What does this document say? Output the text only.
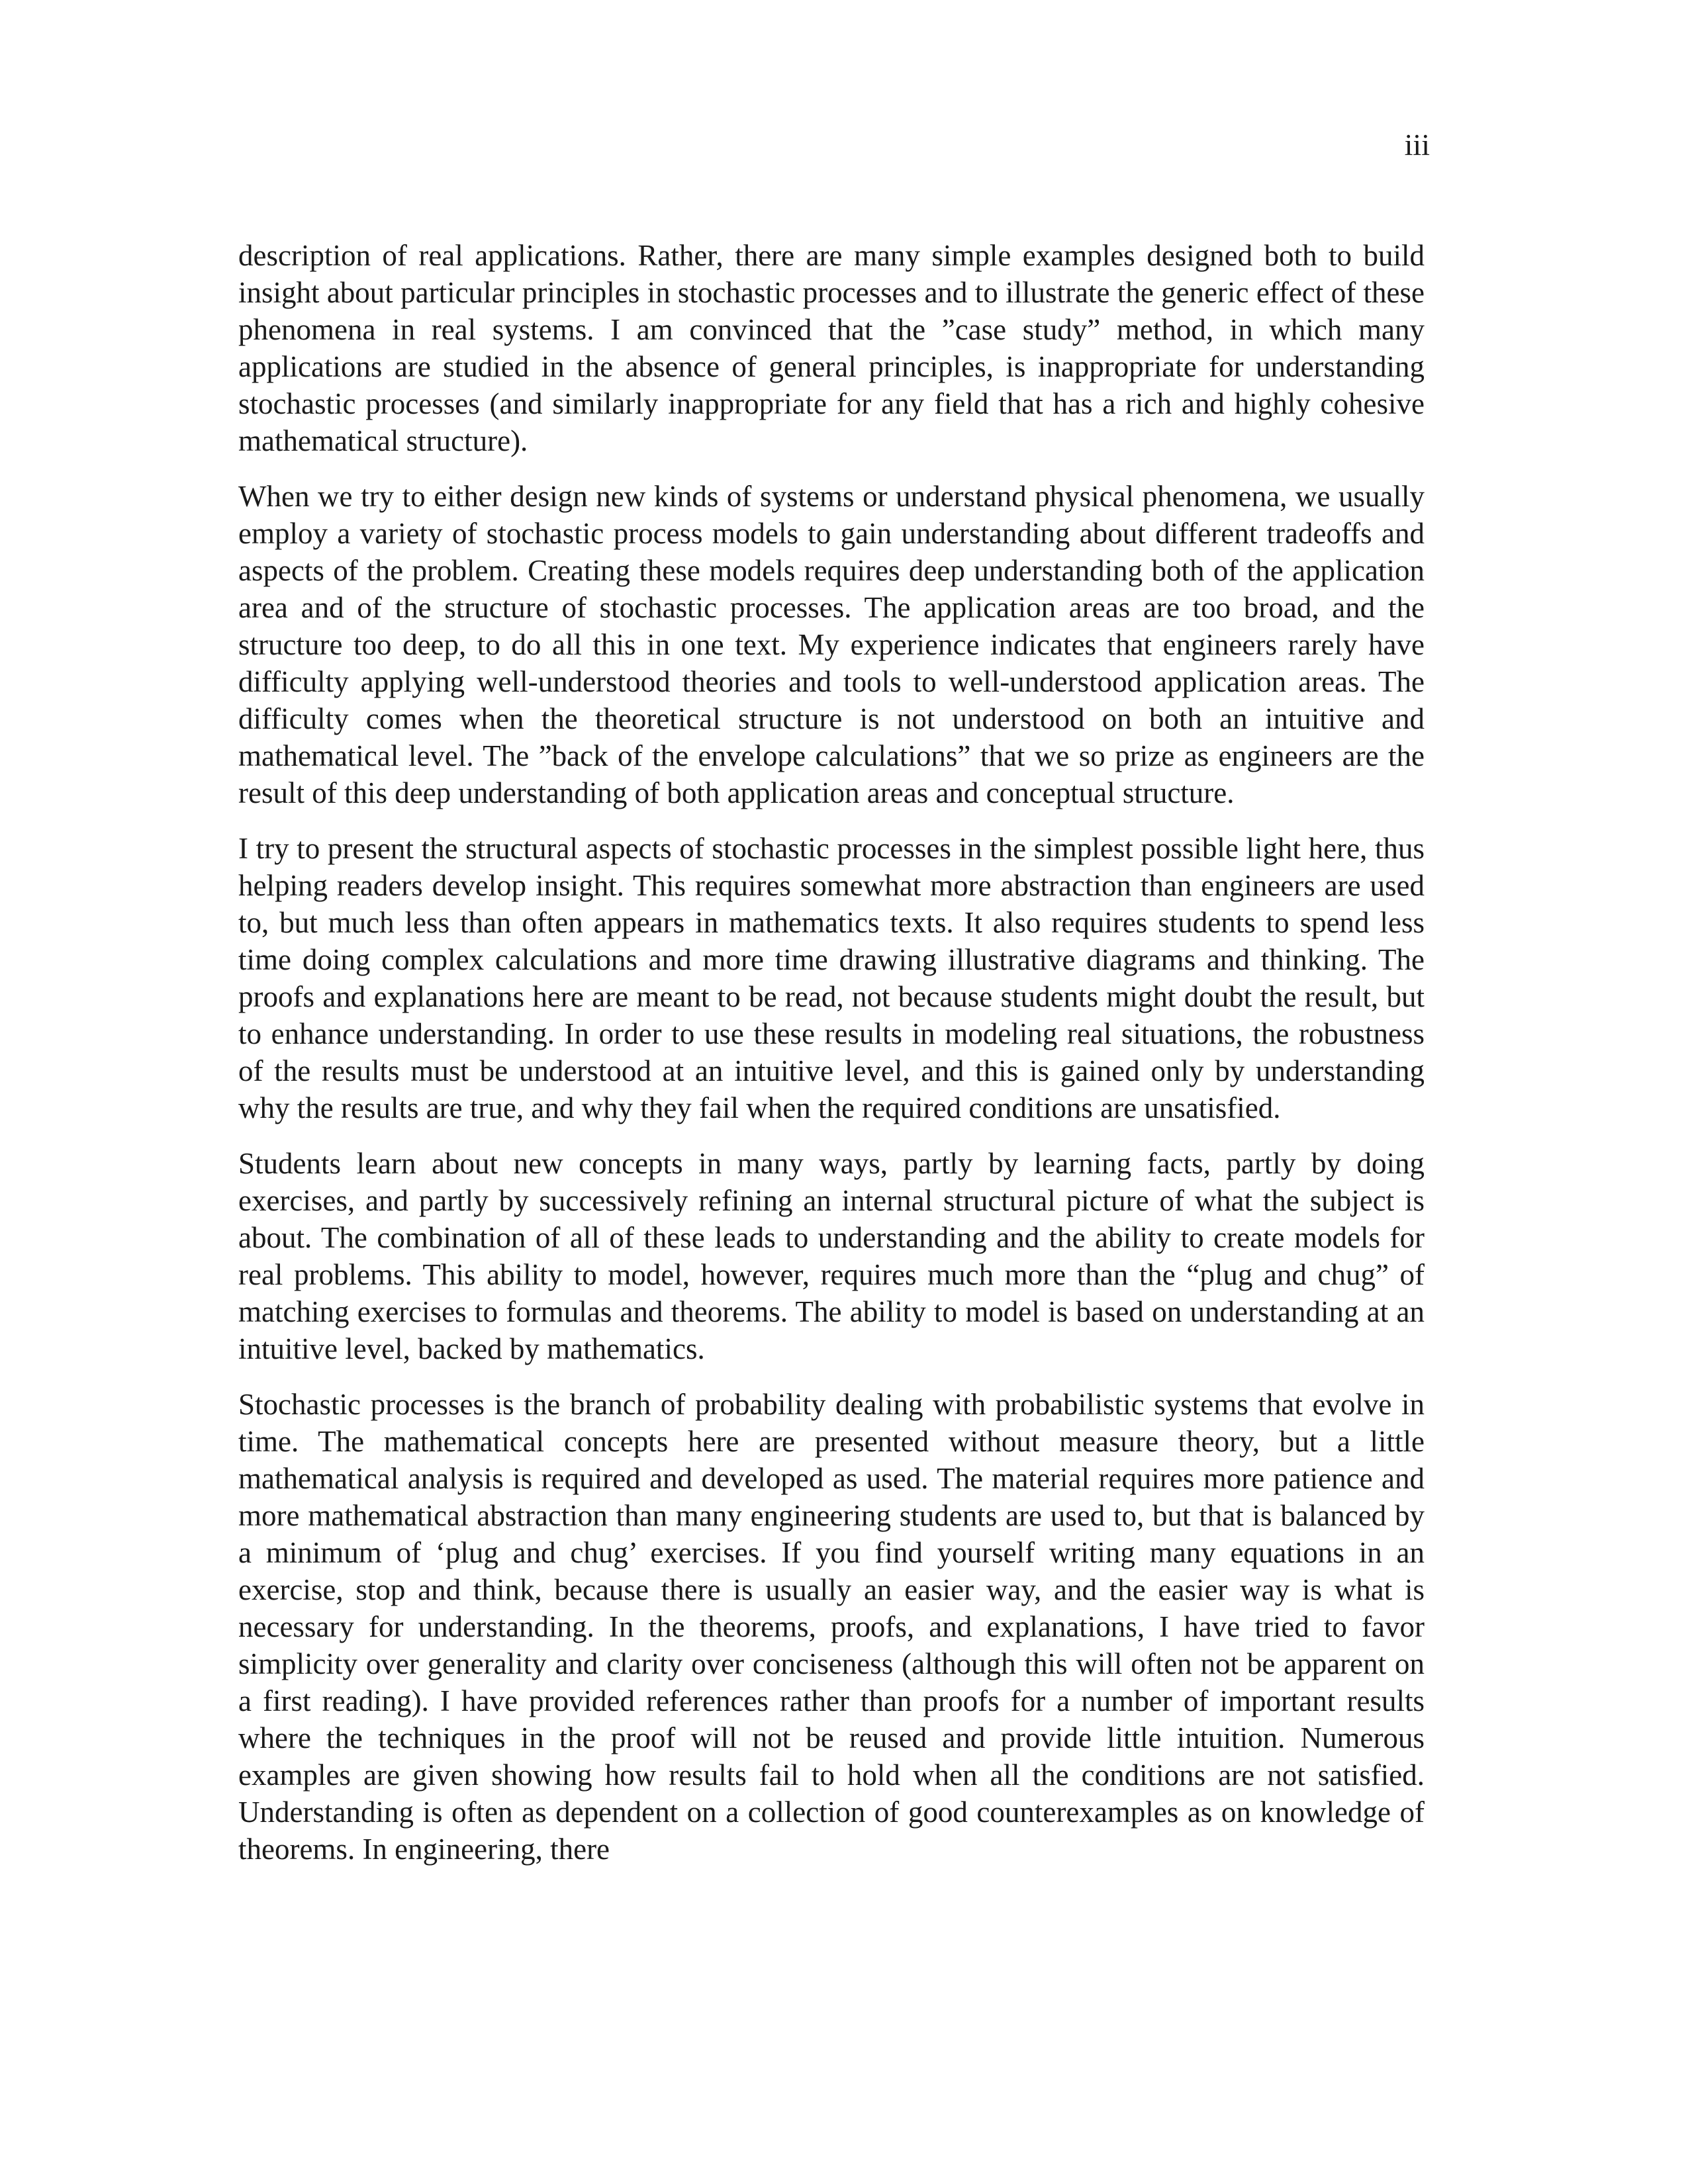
iii

description of real applications. Rather, there are many simple examples designed both to build insight about particular principles in stochastic processes and to illustrate the generic effect of these phenomena in real systems. I am convinced that the ”case study” method, in which many applications are studied in the absence of general principles, is inappropriate for understanding stochastic processes (and similarly inappropriate for any field that has a rich and highly cohesive mathematical structure).

When we try to either design new kinds of systems or understand physical phenomena, we usually employ a variety of stochastic process models to gain understanding about different tradeoffs and aspects of the problem. Creating these models requires deep understanding both of the application area and of the structure of stochastic processes. The application areas are too broad, and the structure too deep, to do all this in one text. My experience indicates that engineers rarely have difficulty applying well-understood theories and tools to well-understood application areas. The difficulty comes when the theoretical structure is not understood on both an intuitive and mathematical level. The ”back of the envelope calculations” that we so prize as engineers are the result of this deep understanding of both application areas and conceptual structure.

I try to present the structural aspects of stochastic processes in the simplest possible light here, thus helping readers develop insight. This requires somewhat more abstraction than engineers are used to, but much less than often appears in mathematics texts. It also requires students to spend less time doing complex calculations and more time drawing illustrative diagrams and thinking. The proofs and explanations here are meant to be read, not because students might doubt the result, but to enhance understanding. In order to use these results in modeling real situations, the robustness of the results must be understood at an intuitive level, and this is gained only by understanding why the results are true, and why they fail when the required conditions are unsatisfied.

Students learn about new concepts in many ways, partly by learning facts, partly by doing exercises, and partly by successively refining an internal structural picture of what the subject is about. The combination of all of these leads to understanding and the ability to create models for real problems. This ability to model, however, requires much more than the “plug and chug” of matching exercises to formulas and theorems. The ability to model is based on understanding at an intuitive level, backed by mathematics.

Stochastic processes is the branch of probability dealing with probabilistic systems that evolve in time. The mathematical concepts here are presented without measure theory, but a little mathematical analysis is required and developed as used. The material requires more patience and more mathematical abstraction than many engineering students are used to, but that is balanced by a minimum of ‘plug and chug’ exercises. If you find yourself writing many equations in an exercise, stop and think, because there is usually an easier way, and the easier way is what is necessary for understanding. In the theorems, proofs, and explanations, I have tried to favor simplicity over generality and clarity over conciseness (although this will often not be apparent on a first reading). I have provided references rather than proofs for a number of important results where the techniques in the proof will not be reused and provide little intuition. Numerous examples are given showing how results fail to hold when all the conditions are not satisfied. Understanding is often as dependent on a collection of good counterexamples as on knowledge of theorems. In engineering, there
